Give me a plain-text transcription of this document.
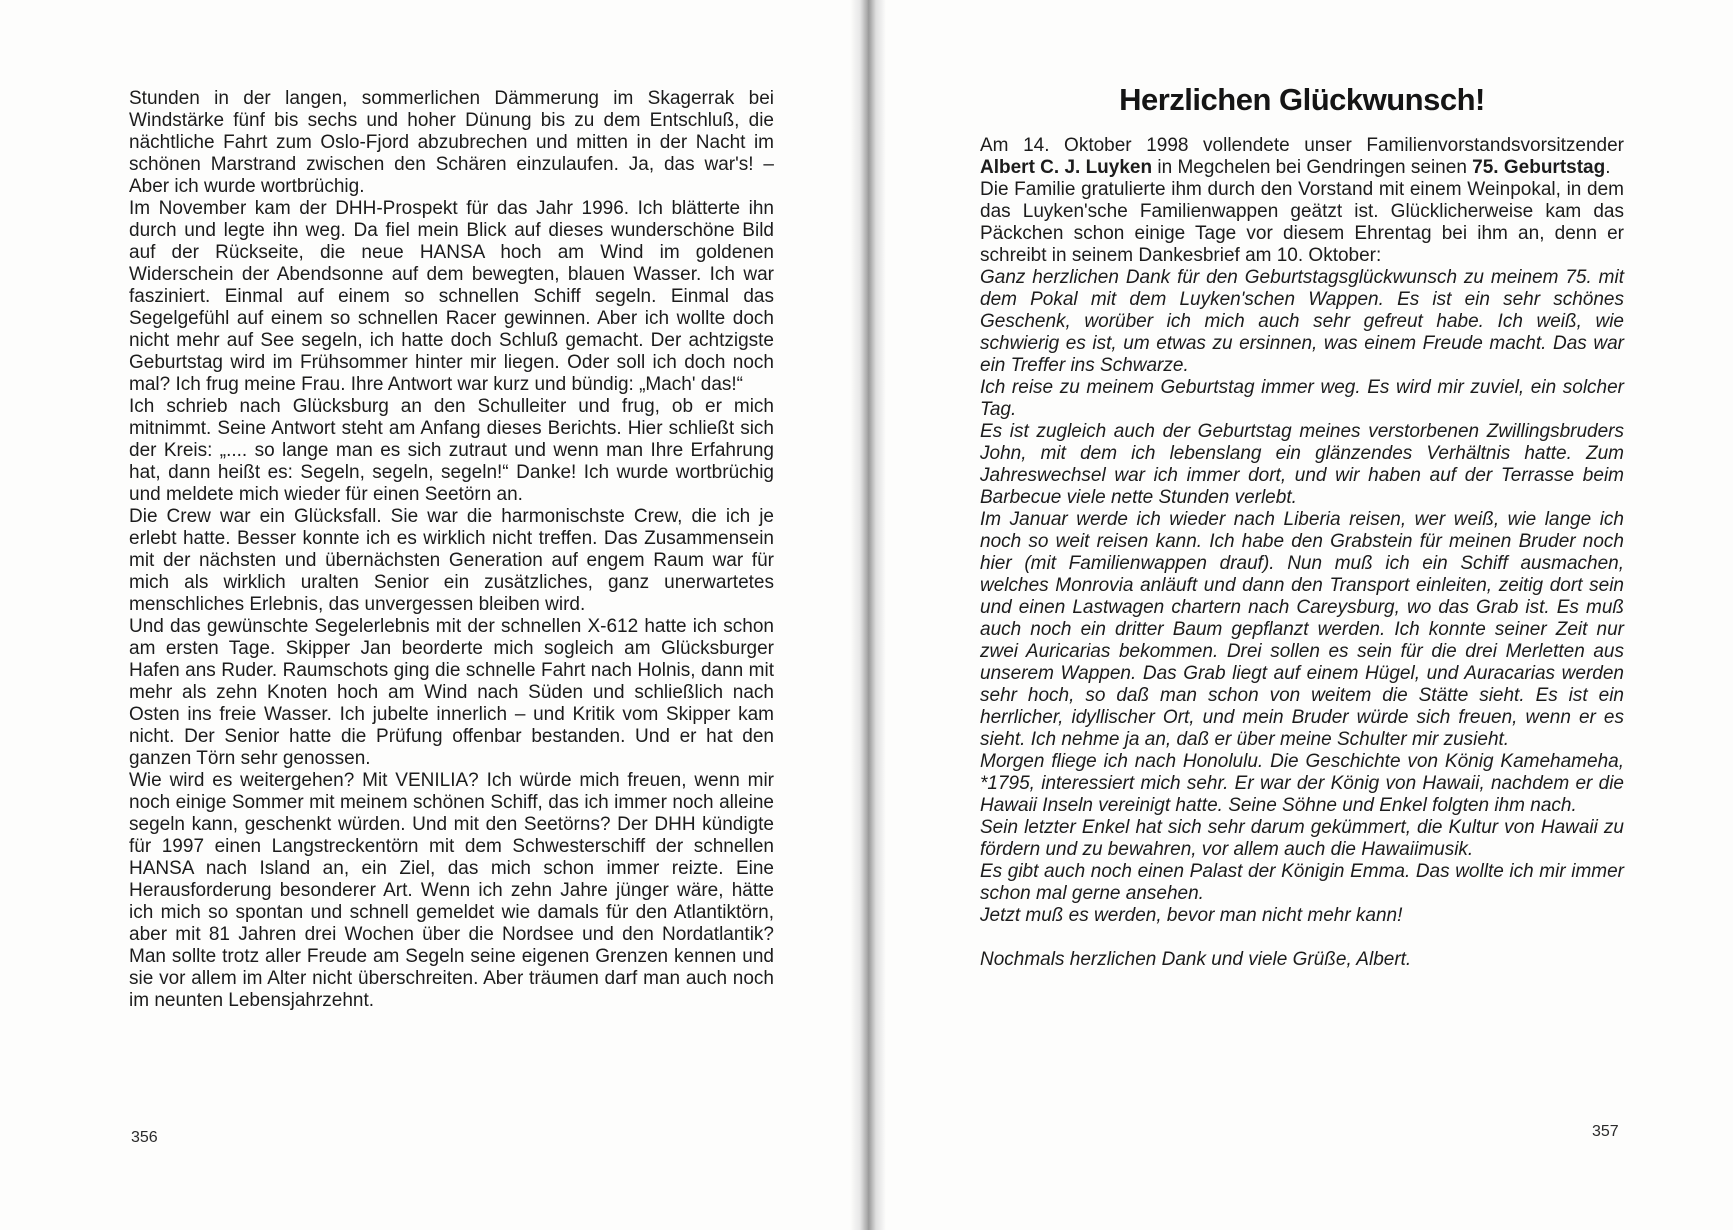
Stunden in der langen, sommerlichen Dämmerung im Skagerrak bei Windstärke fünf bis sechs und hoher Dünung bis zu dem Entschluß, die nächtliche Fahrt zum Oslo-Fjord abzubrechen und mitten in der Nacht im schönen Marstrand zwischen den Schären einzulaufen. Ja, das war's! – Aber ich wurde wortbrüchig.

Im November kam der DHH-Prospekt für das Jahr 1996. Ich blätterte ihn durch und legte ihn weg. Da fiel mein Blick auf dieses wunderschöne Bild auf der Rückseite, die neue HANSA hoch am Wind im goldenen Widerschein der Abendsonne auf dem bewegten, blauen Wasser. Ich war fasziniert. Einmal auf einem so schnellen Schiff segeln. Einmal das Segelgefühl auf einem so schnellen Racer gewinnen. Aber ich wollte doch nicht mehr auf See segeln, ich hatte doch Schluß gemacht. Der achtzigste Geburtstag wird im Frühsommer hinter mir liegen. Oder soll ich doch noch mal? Ich frug meine Frau. Ihre Antwort war kurz und bündig: „Mach' das!“

Ich schrieb nach Glücksburg an den Schulleiter und frug, ob er mich mitnimmt. Seine Antwort steht am Anfang dieses Berichts. Hier schließt sich der Kreis: „.... so lange man es sich zutraut und wenn man Ihre Erfahrung hat, dann heißt es: Segeln, segeln, segeln!“ Danke! Ich wurde wortbrüchig und meldete mich wieder für einen Seetörn an.

Die Crew war ein Glücksfall. Sie war die harmonischste Crew, die ich je erlebt hatte. Besser konnte ich es wirklich nicht treffen. Das Zusammensein mit der nächsten und übernächsten Generation auf engem Raum war für mich als wirklich uralten Senior ein zusätzliches, ganz unerwartetes menschliches Erlebnis, das unvergessen bleiben wird.

Und das gewünschte Segelerlebnis mit der schnellen X-612 hatte ich schon am ersten Tage. Skipper Jan beorderte mich sogleich am Glücksburger Hafen ans Ruder. Raumschots ging die schnelle Fahrt nach Holnis, dann mit mehr als zehn Knoten hoch am Wind nach Süden und schließlich nach Osten ins freie Wasser. Ich jubelte innerlich – und Kritik vom Skipper kam nicht. Der Senior hatte die Prüfung offenbar bestanden. Und er hat den ganzen Törn sehr genossen.

Wie wird es weitergehen? Mit VENILIA? Ich würde mich freuen, wenn mir noch einige Sommer mit meinem schönen Schiff, das ich immer noch alleine segeln kann, geschenkt würden. Und mit den Seetörns? Der DHH kündigte für 1997 einen Langstreckentörn mit dem Schwesterschiff der schnellen HANSA nach Island an, ein Ziel, das mich schon immer reizte. Eine Herausforderung besonderer Art. Wenn ich zehn Jahre jünger wäre, hätte ich mich so spontan und schnell gemeldet wie damals für den Atlantiktörn, aber mit 81 Jahren drei Wochen über die Nordsee und den Nordatlantik? Man sollte trotz aller Freude am Segeln seine eigenen Grenzen kennen und sie vor allem im Alter nicht überschreiten. Aber träumen darf man auch noch im neunten Lebensjahrzehnt.

356
Herzlichen Glückwunsch!

Am 14. Oktober 1998 vollendete unser Familienvorstandsvorsitzender Albert C. J. Luyken in Megchelen bei Gendringen seinen 75. Geburtstag.

Die Familie gratulierte ihm durch den Vorstand mit einem Weinpokal, in dem das Luyken'sche Familienwappen geätzt ist. Glücklicherweise kam das Päckchen schon einige Tage vor diesem Ehrentag bei ihm an, denn er schreibt in seinem Dankesbrief am 10. Oktober:

Ganz herzlichen Dank für den Geburtstagsglückwunsch zu meinem 75. mit dem Pokal mit dem Luyken'schen Wappen. Es ist ein sehr schönes Geschenk, worüber ich mich auch sehr gefreut habe. Ich weiß, wie schwierig es ist, um etwas zu ersinnen, was einem Freude macht. Das war ein Treffer ins Schwarze.

Ich reise zu meinem Geburtstag immer weg. Es wird mir zuviel, ein solcher Tag.

Es ist zugleich auch der Geburtstag meines verstorbenen Zwillingsbruders John, mit dem ich lebenslang ein glänzendes Verhältnis hatte. Zum Jahreswechsel war ich immer dort, und wir haben auf der Terrasse beim Barbecue viele nette Stunden verlebt.

Im Januar werde ich wieder nach Liberia reisen, wer weiß, wie lange ich noch so weit reisen kann. Ich habe den Grabstein für meinen Bruder noch hier (mit Familienwappen drauf). Nun muß ich ein Schiff ausmachen, welches Monrovia anläuft und dann den Transport einleiten, zeitig dort sein und einen Lastwagen chartern nach Careysburg, wo das Grab ist. Es muß auch noch ein dritter Baum gepflanzt werden. Ich konnte seiner Zeit nur zwei Auricarias bekommen. Drei sollen es sein für die drei Merletten aus unserem Wappen. Das Grab liegt auf einem Hügel, und Auracarias werden sehr hoch, so daß man schon von weitem die Stätte sieht. Es ist ein herrlicher, idyllischer Ort, und mein Bruder würde sich freuen, wenn er es sieht. Ich nehme ja an, daß er über meine Schulter mir zusieht.

Morgen fliege ich nach Honolulu. Die Geschichte von König Kamehameha, *1795, interessiert mich sehr. Er war der König von Hawaii, nachdem er die Hawaii Inseln vereinigt hatte. Seine Söhne und Enkel folgten ihm nach.

Sein letzter Enkel hat sich sehr darum gekümmert, die Kultur von Hawaii zu fördern und zu bewahren, vor allem auch die Hawaiimusik.

Es gibt auch noch einen Palast der Königin Emma. Das wollte ich mir immer schon mal gerne ansehen.

Jetzt muß es werden, bevor man nicht mehr kann!

Nochmals herzlichen Dank und viele Grüße, Albert.

357
